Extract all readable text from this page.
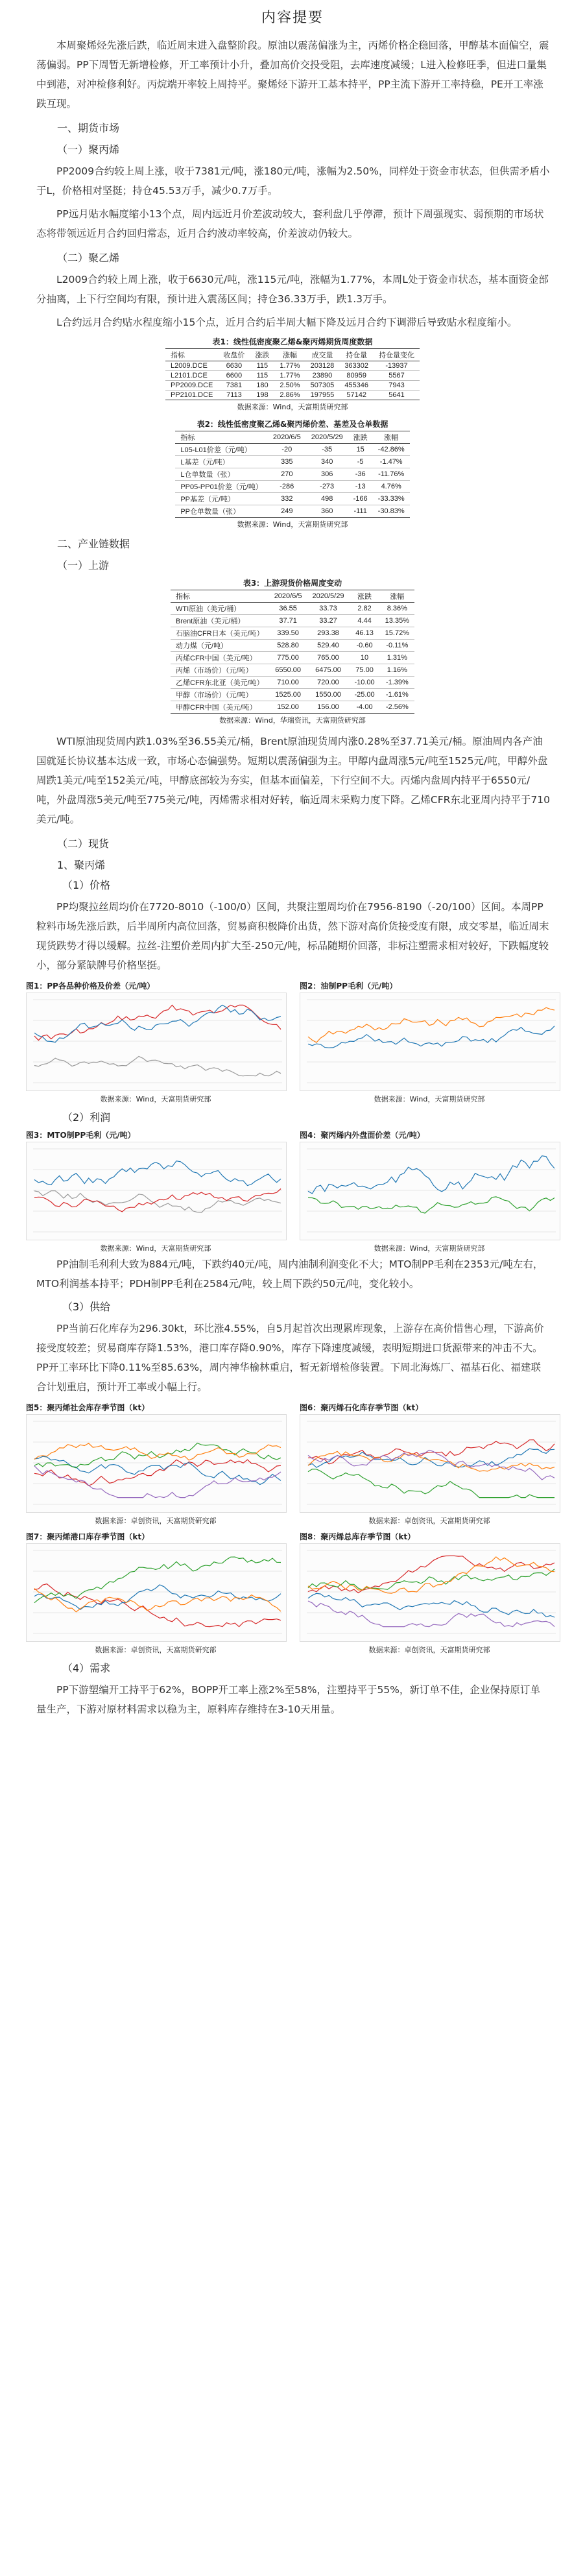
内容提要

本周聚烯烃先涨后跌，临近周末进入盘整阶段。原油以震荡偏涨为主，丙烯价格企稳回落，甲醇基本面偏空，震荡偏弱。PP下周暂无新增检修，开工率预计小升，叠加高价交投受阻，去库速度减缓；L进入检修旺季，但进口量集中到港，对冲检修利好。丙烷端开率较上周持平。聚烯烃下游开工基本持平，PP主流下游开工率持稳，PE开工率涨跌互现。

一、期货市场
（一）聚丙烯

PP2009合约较上周上涨，收于7381元/吨，涨180元/吨，涨幅为2.50%，同样处于资金市状态，但供需矛盾小于L，价格相对坚挺；持仓45.53万手，减少0.7万手。

PP远月贴水幅度缩小13个点，周内远近月价差波动较大，套利盘几乎停滞，预计下周强现实、弱预期的市场状态将带领远近月合约回归常态，近月合约波动率较高，价差波动仍较大。

（二）聚乙烯

L2009合约较上周上涨，收于6630元/吨，涨115元/吨，涨幅为1.77%，本周L处于资金市状态，基本面资金部分抽离，上下行空间均有限，预计进入震荡区间；持仓36.33万手，跌1.3万手。

L合约远月合约贴水程度缩小15个点，近月合约后半周大幅下降及远月合约下调滞后导致贴水程度缩小。

表1：线性低密度聚乙烯&聚丙烯期货周度数据
指标	收盘价	涨跌	涨幅	成交量	持仓量	持仓量变化
L2009.DCE	6630	115	1.77%	203128	363302	-13937
L2101.DCE	6600	115	1.77%	23890	80959	5567
PP2009.DCE	7381	180	2.50%	507305	455346	7943
PP2101.DCE	7113	198	2.86%	197955	57142	5641
数据来源：Wind，天富期货研究部
表2：线性低密度聚乙烯&聚丙烯价差、基差及仓单数据
指标	2020/6/5	2020/5/29	涨跌	涨幅
L05-L01价差（元/吨）	-20	-35	15	-42.86%
L基差（元/吨）	335	340	-5	-1.47%
L仓单数量（张）	270	306	-36	-11.76%
PP05-PP01价差（元/吨）	-286	-273	-13	4.76%
PP基差（元/吨）	332	498	-166	-33.33%
PP仓单数量（张）	249	360	-111	-30.83%
数据来源：Wind，天富期货研究部
二、产业链数据
（一）上游
表3：上游现货价格周度变动
指标	2020/6/5	2020/5/29	涨跌	涨幅
WTI原油（美元/桶）	36.55	33.73	2.82	8.36%
Brent原油（美元/桶）	37.71	33.27	4.44	13.35%
石脑油CFR日本（美元/吨）	339.50	293.38	46.13	15.72%
动力煤（元/吨）	528.80	529.40	-0.60	-0.11%
丙烯CFR中国（美元/吨）	775.00	765.00	10	1.31%
丙烯（市场价）（元/吨）	6550.00	6475.00	75.00	1.16%
乙烯CFR东北亚（美元/吨）	710.00	720.00	-10.00	-1.39%
甲醇（市场价）（元/吨）	1525.00	1550.00	-25.00	-1.61%
甲醇CFR中国（美元/吨）	152.00	156.00	-4.00	-2.56%
数据来源：Wind，华瑞资讯，天富期货研究部

WTI原油现货周内跌1.03%至36.55美元/桶，Brent原油现货周内涨0.28%至37.71美元/桶。原油周内各产油国就延长协议基本达成一致，市场心态偏强势。短期以震荡偏强为主。甲醇内盘周涨5元/吨至1525元/吨，甲醇外盘周跌1美元/吨至152美元/吨，甲醇底部较为夯实，但基本面偏差，下行空间不大。丙烯内盘周内持平于6550元/吨，外盘周涨5美元/吨至775美元/吨，丙烯需求相对好转，临近周末采购力度下降。乙烯CFR东北亚周内持平于710美元/吨。

（二）现货
1、聚丙烯
（1）价格

PP均聚拉丝周均价在7720-8010（-100/0）区间，共聚注塑周均价在7956-8190（-20/100）区间。本周PP粒料市场先涨后跌，后半周所内高位回落，贸易商积极降价出货，然下游对高价货接受度有限，成交零星，临近周末现货跌势才得以缓解。拉丝-注塑价差周内扩大至-250元/吨，标品随期价回落，非标注塑需求相对较好，下跌幅度较小，部分紧缺牌号价格坚挺。

图1：PP各品种价格及价差（元/吨）
数据来源：Wind，天富期货研究部
图2：油制PP毛利（元/吨）
数据来源：Wind，天富期货研究部
（2）利润
图3：MTO制PP毛利（元/吨）
数据来源：Wind，天富期货研究部
图4：聚丙烯内外盘面价差（元/吨）
数据来源：Wind，天富期货研究部

PP油制毛利利大致为884元/吨，下跌约40元/吨，周内油制利润变化不大；MTO制PP毛利在2353元/吨左右，MTO利润基本持平；PDH制PP毛利在2584元/吨，较上周下跌约50元/吨，变化较小。

（3）供给

PP当前石化库存为296.30kt，环比涨4.55%，自5月起首次出现累库现象，上游存在高价惜售心理，下游高价接受度较差；贸易商库存降1.53%，港口库存降0.90%，库存下降速度减缓，表明短期进口货源带来的冲击不大。PP开工率环比下降0.11%至85.63%，周内神华榆林重启，暂无新增检修装置。下周北海炼厂、福基石化、福建联合计划重启，预计开工率或小幅上行。

图5：聚丙烯社会库存季节图（kt）
数据来源：卓创资讯，天富期货研究部
图6：聚丙烯石化库存季节图（kt）
数据来源：卓创资讯，天富期货研究部
图7：聚丙烯港口库存季节图（kt）
数据来源：卓创资讯，天富期货研究部
图8：聚丙烯总库存季节图（kt）
数据来源：卓创资讯，天富期货研究部
（4）需求

PP下游塑编开工持平于62%，BOPP开工率上涨2%至58%，注塑持平于55%，新订单不佳，企业保持原订单量生产，下游对原材料需求以稳为主，原料库存维持在3-10天用量。
